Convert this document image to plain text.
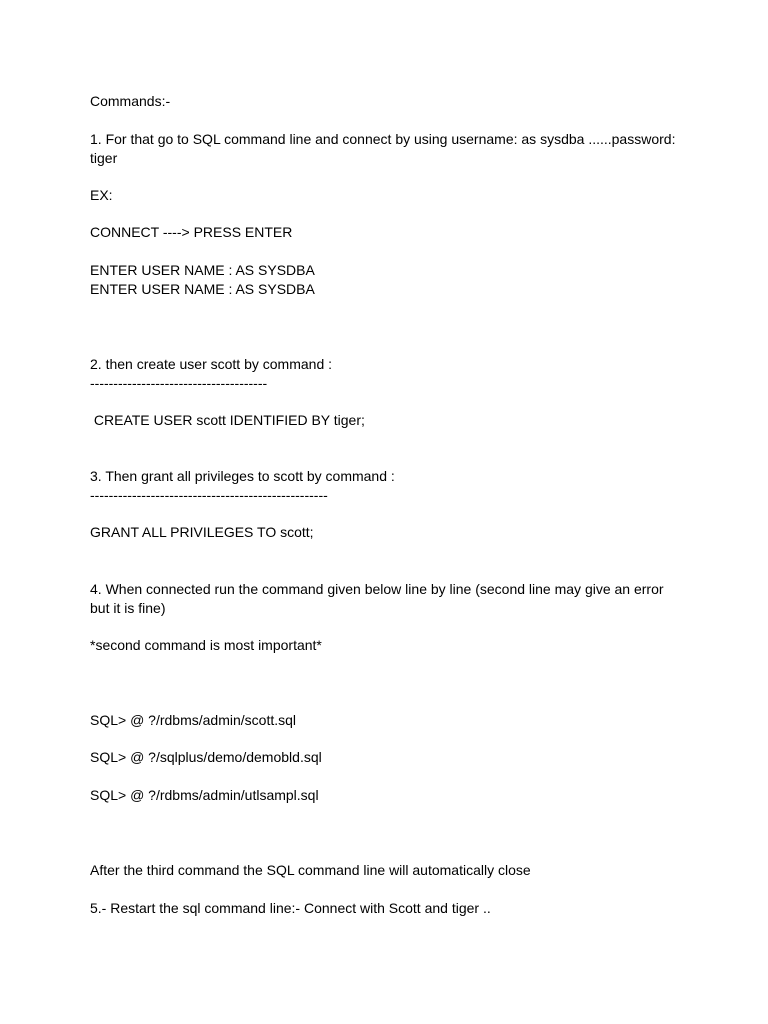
Commands:-
1. For that go to SQL command line and connect by using username: as sysdba ......password:
tiger
EX:
CONNECT ----> PRESS ENTER
ENTER USER NAME : AS SYSDBA
ENTER USER NAME : AS SYSDBA
2. then create user scott by command :
--------------------------------------
CREATE USER scott IDENTIFIED BY tiger;
3. Then grant all privileges to scott by command :
---------------------------------------------------
GRANT ALL PRIVILEGES TO scott;
4. When connected run the command given below line by line (second line may give an error
but it is fine)
*second command is most important*
SQL> @ ?/rdbms/admin/scott.sql
SQL> @ ?/sqlplus/demo/demobld.sql
SQL> @ ?/rdbms/admin/utlsampl.sql
After the third command the SQL command line will automatically close
5.- Restart the sql command line:- Connect with Scott and tiger ..
